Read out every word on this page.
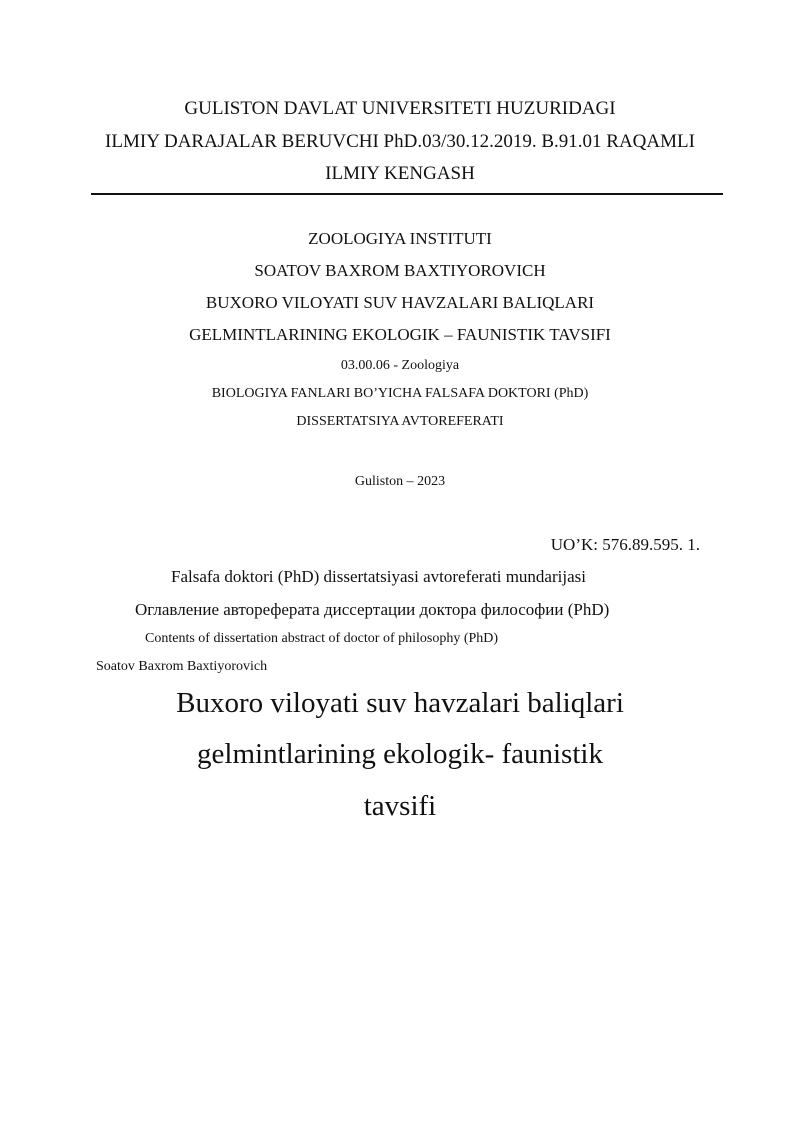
GULISTON DAVLAT UNIVERSITETI HUZURIDAGI
ILMIY DARAJALAR BERUVCHI PhD.03/30.12.2019. B.91.01 RAQAMLI
ILMIY KENGASH
ZOOLOGIYA INSTITUTI
SOATOV BAXROM BAXTIYOROVICH
BUXORO VILOYATI SUV HAVZALARI BALIQLARI
GELMINTLARINING EKOLOGIK – FAUNISTIK TAVSIFI
03.00.06 - Zoologiya
BIOLOGIYA FANLARI BO’YICHA FALSAFA DOKTORI (PhD)
DISSERTATSIYA AVTOREFERATI
Guliston – 2023
UO’K: 576.89.595. 1.
Falsafa doktori (PhD) dissertatsiyasi avtoreferati mundarijasi
Оглавление автореферата диссертации доктора философии (PhD)
Contents of dissertation abstract of doctor of philosophy (PhD)
Soatov Baxrom Baxtiyorovich
Buxoro viloyati suv havzalari baliqlari
gelmintlarining ekologik- faunistik
tavsifi
